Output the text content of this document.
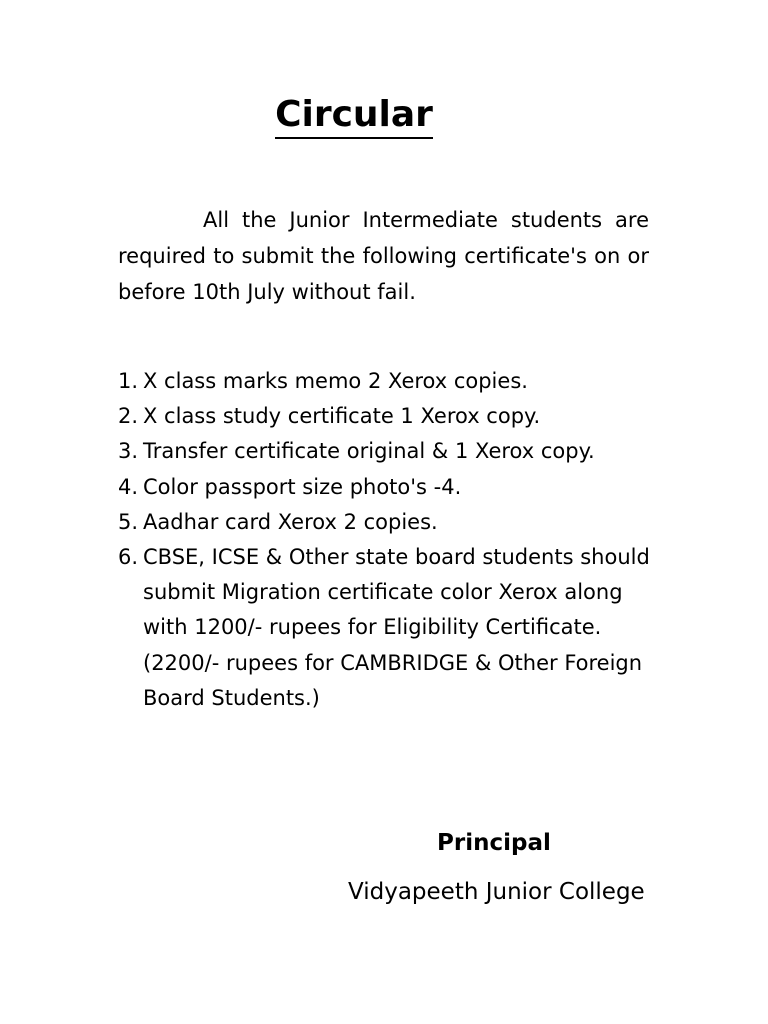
Circular

All the Junior Intermediate students are required to submit the following certificate's on or before 10th July without fail.

1. X class marks memo 2 Xerox copies.
2. X class study certificate 1 Xerox copy.
3. Transfer certificate original & 1 Xerox copy.
4. Color passport size photo's -4.
5. Aadhar card Xerox 2 copies.
6. CBSE, ICSE & Other state board students should submit Migration certificate color Xerox along with 1200/- rupees for Eligibility Certificate. (2200/- rupees for CAMBRIDGE & Other Foreign Board Students.)
Principal
Vidyapeeth Junior College
